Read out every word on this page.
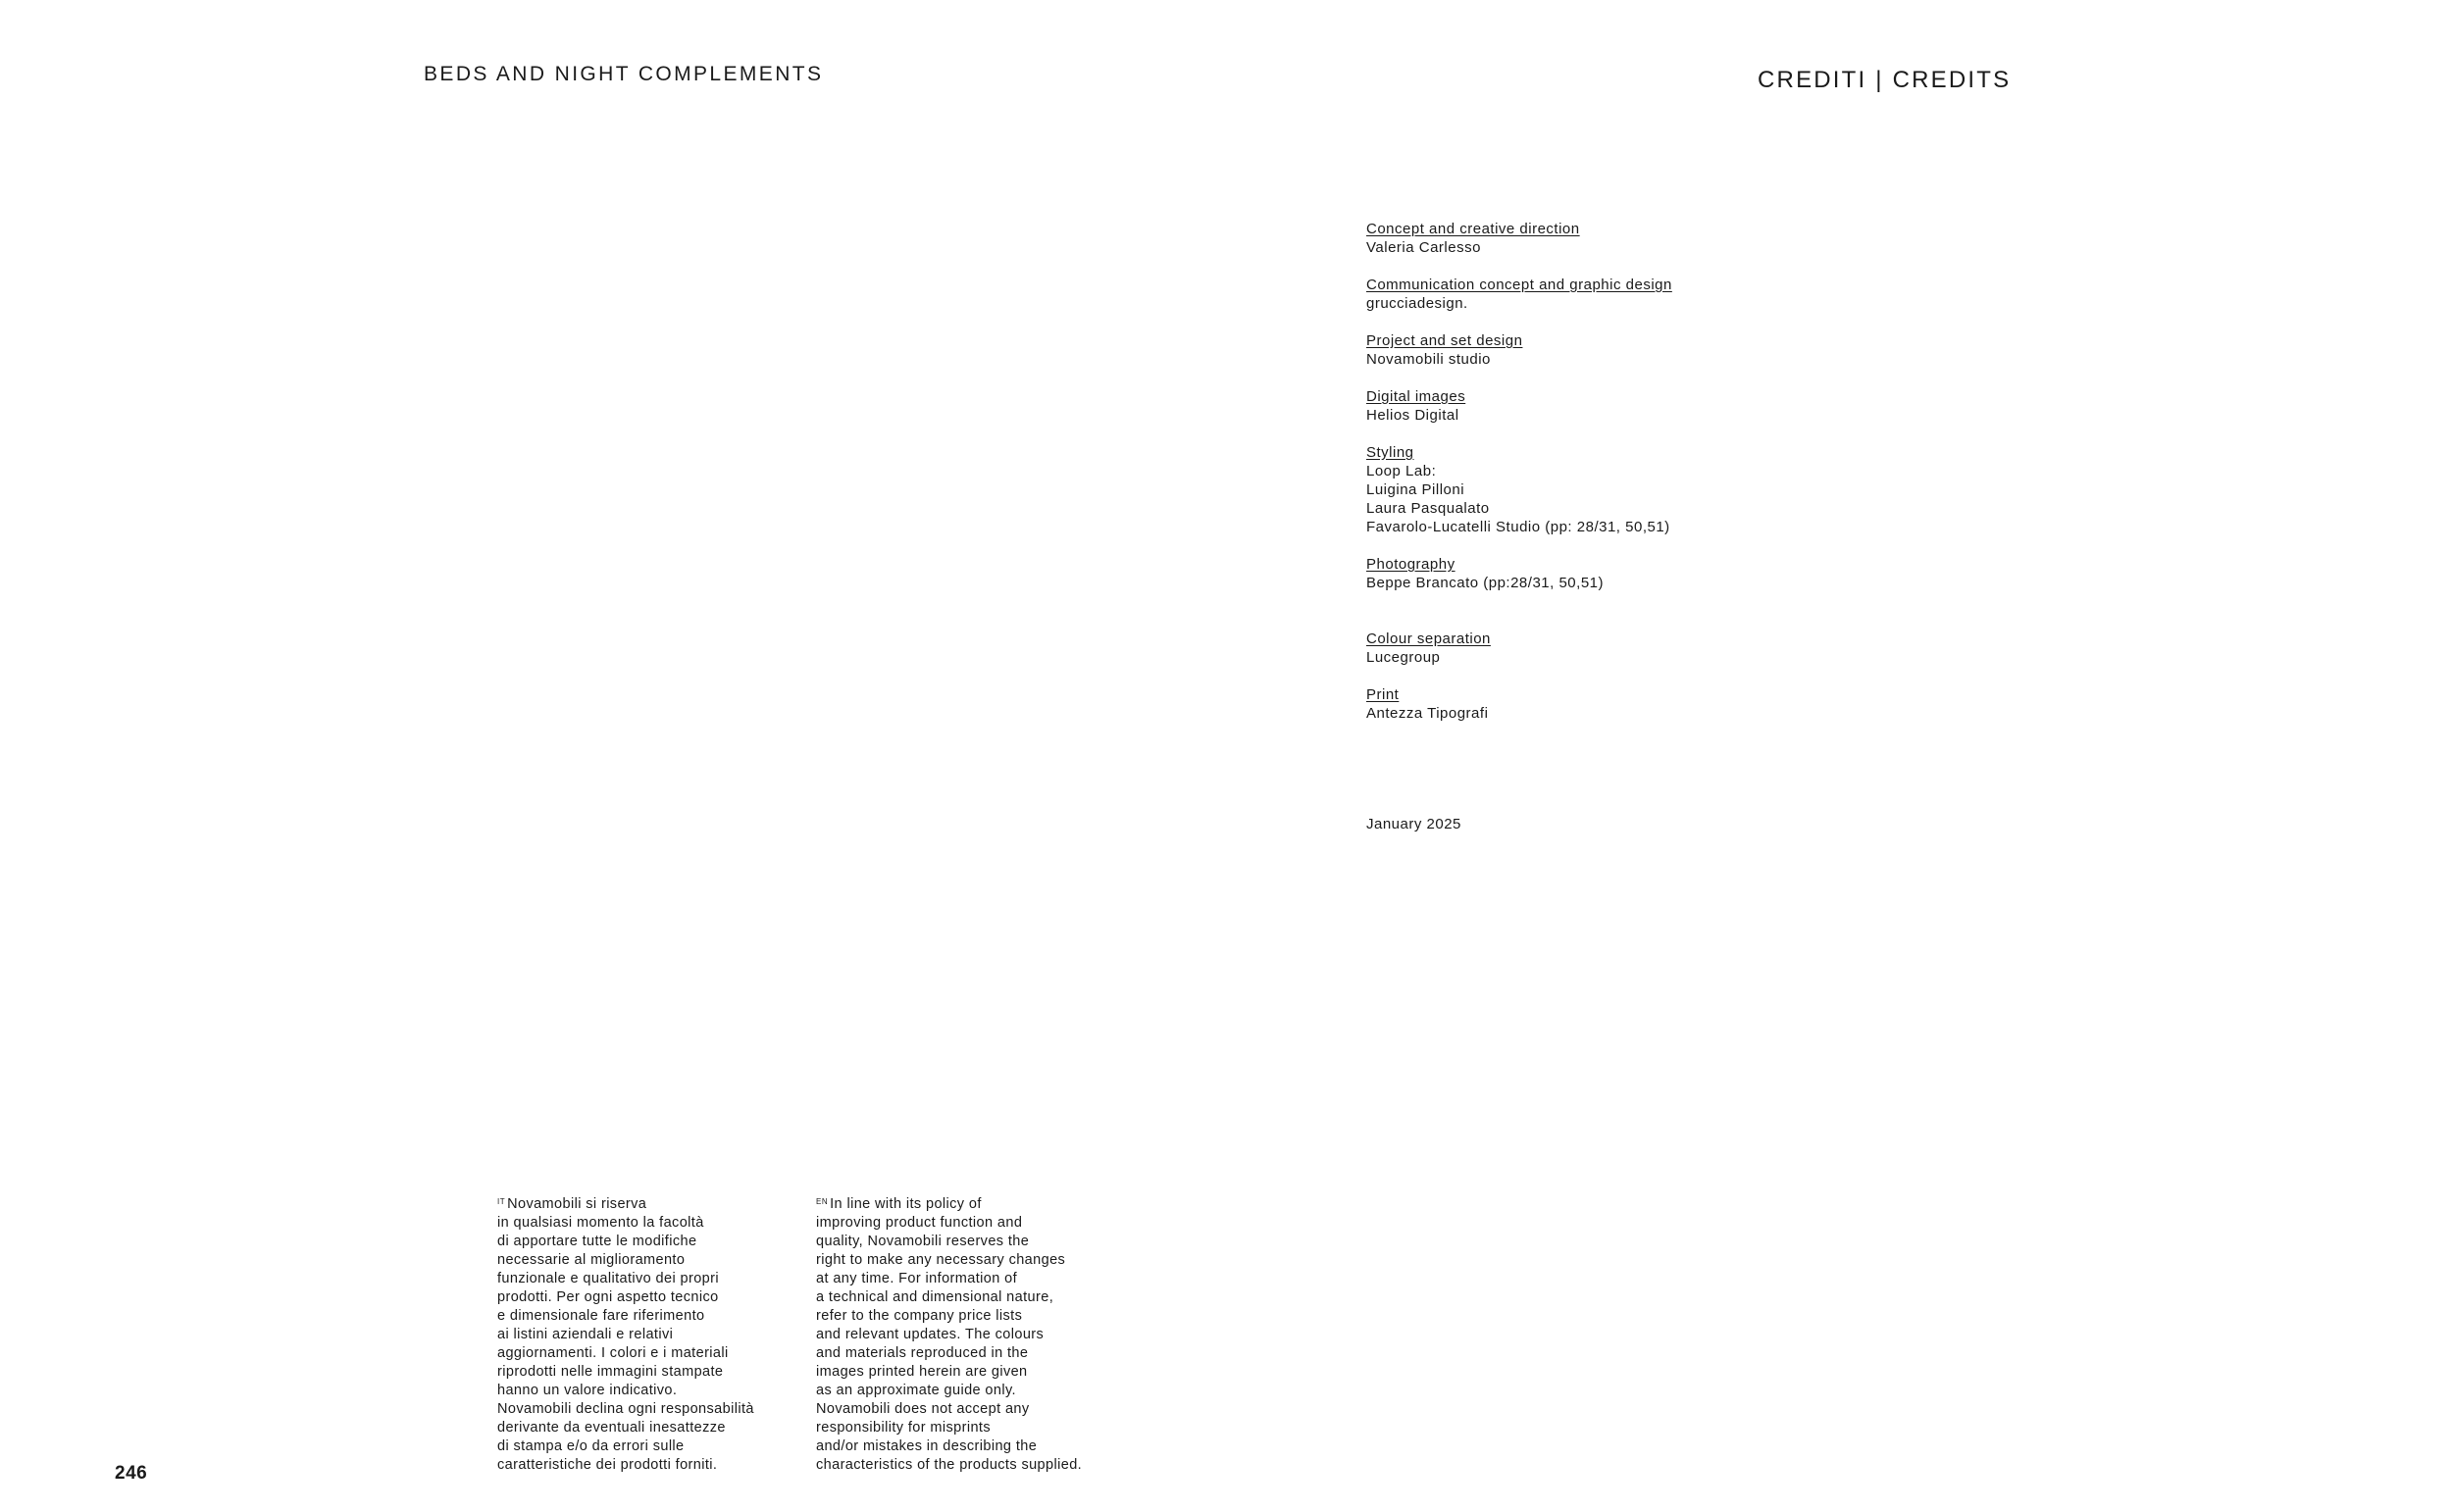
BEDS AND NIGHT COMPLEMENTS	CREDITI | CREDITS
Concept and creative direction
Valeria Carlesso
Communication concept and graphic design
grucciadesign.
Project and set design
Novamobili studio
Digital images
Helios Digital
Styling
Loop Lab:
Luigina Pilloni
Laura Pasqualato
Favarolo-Lucatelli Studio (pp: 28/31, 50,51)
Photography
Beppe Brancato (pp:28/31, 50,51)
Colour separation
Lucegroup
Print
Antezza Tipografi
January 2025
$^{IT}$ Novamobili si riserva
in qualsiasi momento la facoltà
di apportare tutte le modifiche
necessarie al miglioramento
funzionale e qualitativo dei propri
prodotti. Per ogni aspetto tecnico
e dimensionale fare riferimento
ai listini aziendali e relativi
aggiornamenti. I colori e i materiali
riprodotti nelle immagini stampate
hanno un valore indicativo.
Novamobili declina ogni responsabilità
derivante da eventuali inesattezze
di stampa e/o da errori sulle
caratteristiche dei prodotti forniti.
$^{EN}$ In line with its policy of
improving product function and
quality, Novamobili reserves the
right to make any necessary changes
at any time. For information of
a technical and dimensional nature,
refer to the company price lists
and relevant updates. The colours
and materials reproduced in the
images printed herein are given
as an approximate guide only.
Novamobili does not accept any
responsibility for misprints
and/or mistakes in describing the
characteristics of the products supplied.
246
